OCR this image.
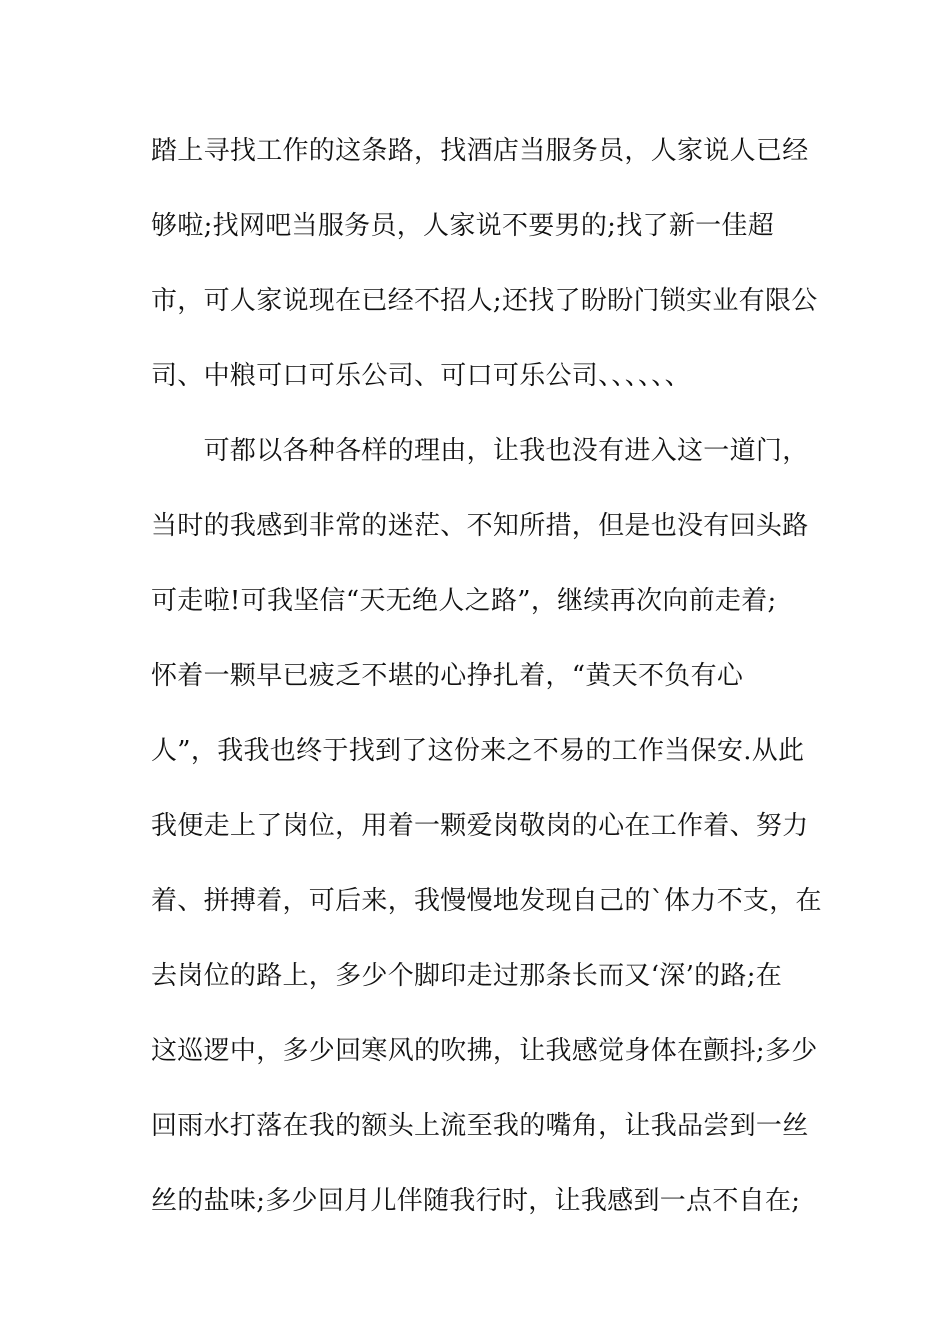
踏上寻找工作的这条路，找酒店当服务员，人家说人已经
够啦;找网吧当服务员，人家说不要男的;找了新一佳超
市，可人家说现在已经不招人;还找了盼盼门锁实业有限公
司、中粮可口可乐公司、可口可乐公司、、、、、、
　　可都以各种各样的理由，让我也没有进入这一道门，
当时的我感到非常的迷茫、不知所措，但是也没有回头路
可走啦!可我坚信“天无绝人之路”，继续再次向前走着;
怀着一颗早已疲乏不堪的心挣扎着，“黄天不负有心
人”，我我也终于找到了这份来之不易的工作当保安.从此
我便走上了岗位，用着一颗爱岗敬岗的心在工作着、努力
着、拼搏着，可后来，我慢慢地发现自己的`体力不支，在
去岗位的路上，多少个脚印走过那条长而又‘深’的路;在
这巡逻中，多少回寒风的吹拂，让我感觉身体在颤抖;多少
回雨水打落在我的额头上流至我的嘴角，让我品尝到一丝
丝的盐味;多少回月儿伴随我行时，让我感到一点不自在;
